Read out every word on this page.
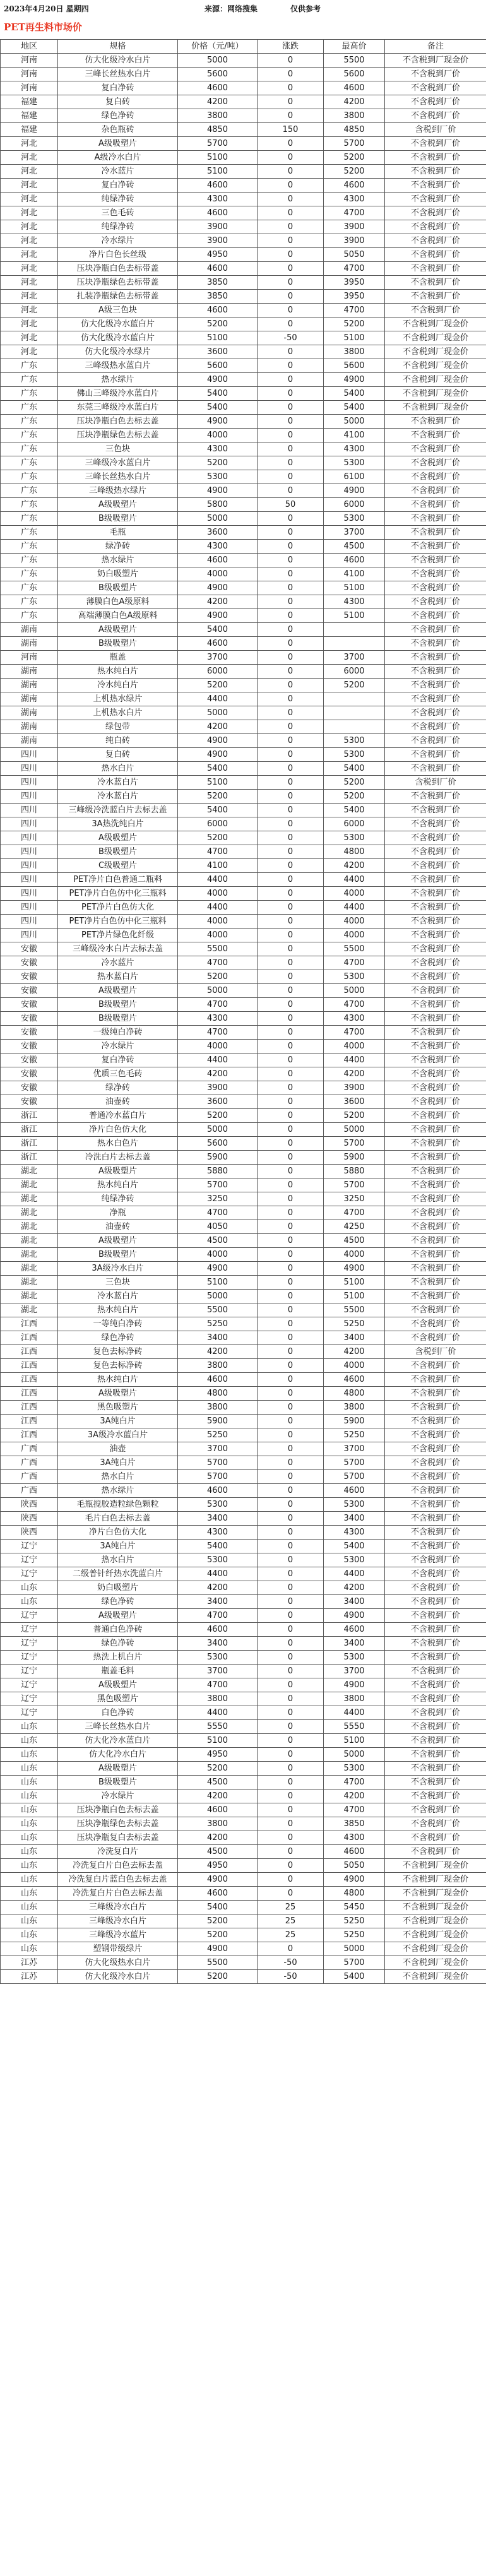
2023年4月20日 星期四	来源：网络搜集	仅供参考
PET再生料市场价
地区	规格	价格（元/吨）	涨跌	最高价	备注
河南	仿大化级冷水白片	5000	0	5500	不含税到厂现金价
河南	三峰长丝热水白片	5600	0	5600	不含税到厂价
河南	复白净砖	4600	0	4600	不含税到厂价
福建	复白砖	4200	0	4200	不含税到厂价
福建	绿色净砖	3800	0	3800	不含税到厂价
福建	杂色瓶砖	4850	150	4850	含税到厂价
河北	A级吸塑片	5700	0	5700	不含税到厂价
河北	A级冷水白片	5100	0	5200	不含税到厂价
河北	冷水蓝片	5100	0	5200	不含税到厂价
河北	复白净砖	4600	0	4600	不含税到厂价
河北	纯绿净砖	4300	0	4300	不含税到厂价
河北	三色毛砖	4600	0	4700	不含税到厂价
河北	纯绿净砖	3900	0	3900	不含税到厂价
河北	冷水绿片	3900	0	3900	不含税到厂价
河北	净片白色长丝级	4950	0	5050	不含税到厂价
河北	压块净瓶白色去标带盖	4600	0	4700	不含税到厂价
河北	压块净瓶绿色去标带盖	3850	0	3950	不含税到厂价
河北	扎装净瓶绿色去标带盖	3850	0	3950	不含税到厂价
河北	A级三色块	4600	0	4700	不含税到厂价
河北	仿大化级冷水蓝白片	5200	0	5200	不含税到厂现金价
河北	仿大化级冷水蓝白片	5100	-50	5100	不含税到厂现金价
河北	仿大化级冷水绿片	3600	0	3800	不含税到厂现金价
广东	三峰级热水蓝白片	5600	0	5600	不含税到厂现金价
广东	热水绿片	4900	0	4900	不含税到厂现金价
广东	佛山三峰级冷水蓝白片	5400	0	5400	不含税到厂现金价
广东	东莞三峰级冷水蓝白片	5400	0	5400	不含税到厂现金价
广东	压块净瓶白色去标去盖	4900	0	5000	不含税到厂价
广东	压块净瓶绿色去标去盖	4000	0	4100	不含税到厂价
广东	三色块	4300	0	4300	不含税到厂价
广东	三峰级冷水蓝白片	5200	0	5300	不含税到厂价
广东	三峰长丝热水白片	5300	0	6100	不含税到厂价
广东	三峰级热水绿片	4900	0	4900	不含税到厂价
广东	A级吸塑片	5800	50	6000	不含税到厂价
广东	B级吸塑片	5000	0	5300	不含税到厂价
广东	毛瓶	3600	0	3700	不含税到厂价
广东	绿净砖	4300	0	4500	不含税到厂价
广东	热水绿片	4600	0	4600	不含税到厂价
广东	奶白吸塑片	4000	0	4100	不含税到厂价
广东	B级吸塑片	4900	0	5100	不含税到厂价
广东	薄膜白色A级原料	4200	0	4300	不含税到厂价
广东	高端薄膜白色A级原料	4900	0	5100	不含税到厂价
湖南	A级吸塑片	5400	0		不含税到厂价
湖南	B级吸塑片	4600	0		不含税到厂价
河南	瓶盖	3700	0	3700	不含税到厂价
湖南	热水纯白片	6000	0	6000	不含税到厂价
湖南	冷水纯白片	5200	0	5200	不含税到厂价
湖南	上机热水绿片	4400	0		不含税到厂价
湖南	上机热水白片	5000	0		不含税到厂价
湖南	绿包带	4200	0		不含税到厂价
湖南	纯白砖	4900	0	5300	不含税到厂价
四川	复白砖	4900	0	5300	不含税到厂价
四川	热水白片	5400	0	5400	不含税到厂价
四川	冷水蓝白片	5100	0	5200	含税到厂价
四川	冷水蓝白片	5200	0	5200	不含税到厂价
四川	三峰级冷洗蓝白片去标去盖	5400	0	5400	不含税到厂价
四川	3A热洗纯白片	6000	0	6000	不含税到厂价
四川	A级吸塑片	5200	0	5300	不含税到厂价
四川	B级吸塑片	4700	0	4800	不含税到厂价
四川	C级吸塑片	4100	0	4200	不含税到厂价
四川	PET净片白色普通二瓶料	4400	0	4400	不含税到厂价
四川	PET净片白色仿中化三瓶料	4000	0	4000	不含税到厂价
四川	PET净片白色仿大化	4400	0	4400	不含税到厂价
四川	PET净片白色仿中化三瓶料	4000	0	4000	不含税到厂价
四川	PET净片绿色化纤级	4000	0	4000	不含税到厂价
安徽	三峰级冷水白片去标去盖	5500	0	5500	不含税到厂价
安徽	冷水蓝片	4700	0	4700	不含税到厂价
安徽	热水蓝白片	5200	0	5300	不含税到厂价
安徽	A级吸塑片	5000	0	5000	不含税到厂价
安徽	B级吸塑片	4700	0	4700	不含税到厂价
安徽	B级吸塑片	4300	0	4300	不含税到厂价
安徽	一级纯白净砖	4700	0	4700	不含税到厂价
安徽	冷水绿片	4000	0	4000	不含税到厂价
安徽	复白净砖	4400	0	4400	不含税到厂价
安徽	优质三色毛砖	4200	0	4200	不含税到厂价
安徽	绿净砖	3900	0	3900	不含税到厂价
安徽	油壶砖	3600	0	3600	不含税到厂价
浙江	普通冷水蓝白片	5200	0	5200	不含税到厂价
浙江	净片白色仿大化	5000	0	5000	不含税到厂价
浙江	热水白色片	5600	0	5700	不含税到厂价
浙江	冷洗白片去标去盖	5900	0	5900	不含税到厂价
湖北	A级吸塑片	5880	0	5880	不含税到厂价
湖北	热水纯白片	5700	0	5700	不含税到厂价
湖北	纯绿净砖	3250	0	3250	不含税到厂价
湖北	净瓶	4700	0	4700	不含税到厂价
湖北	油壶砖	4050	0	4250	不含税到厂价
湖北	A级吸塑片	4500	0	4500	不含税到厂价
湖北	B级吸塑片	4000	0	4000	不含税到厂价
湖北	3A级冷水白片	4900	0	4900	不含税到厂价
湖北	三色块	5100	0	5100	不含税到厂价
湖北	冷水蓝白片	5000	0	5100	不含税到厂价
湖北	热水纯白片	5500	0	5500	不含税到厂价
江西	一等纯白净砖	5250	0	5250	不含税到厂价
江西	绿色净砖	3400	0	3400	不含税到厂价
江西	复色去标净砖	4200	0	4200	含税到厂价
江西	复色去标净砖	3800	0	4000	不含税到厂价
江西	热水纯白片	4600	0	4600	不含税到厂价
江西	A级吸塑片	4800	0	4800	不含税到厂价
江西	黑色吸塑片	3800	0	3800	不含税到厂价
江西	3A纯白片	5900	0	5900	不含税到厂价
江西	3A级冷水蓝白片	5250	0	5250	不含税到厂价
广西	油壶	3700	0	3700	不含税到厂价
广西	3A纯白片	5700	0	5700	不含税到厂价
广西	热水白片	5700	0	5700	不含税到厂价
广西	热水绿片	4600	0	4600	不含税到厂价
陕西	毛瓶搅胶造粒绿色颗粒	5300	0	5300	不含税到厂价
陕西	毛片白色去标去盖	3400	0	3400	不含税到厂价
陕西	净片白色仿大化	4300	0	4300	不含税到厂价
辽宁	3A纯白片	5400	0	5400	不含税到厂价
辽宁	热水白片	5300	0	5300	不含税到厂价
辽宁	二级普针纤热水洗蓝白片	4400	0	4400	不含税到厂价
山东	奶白吸塑片	4200	0	4200	不含税到厂价
山东	绿色净砖	3400	0	3400	不含税到厂价
辽宁	A级吸塑片	4700	0	4900	不含税到厂价
辽宁	普通白色净砖	4600	0	4600	不含税到厂价
辽宁	绿色净砖	3400	0	3400	不含税到厂价
辽宁	热洗上机白片	5300	0	5300	不含税到厂价
辽宁	瓶盖毛料	3700	0	3700	不含税到厂价
辽宁	A级吸塑片	4700	0	4900	不含税到厂价
辽宁	黑色吸塑片	3800	0	3800	不含税到厂价
辽宁	白色净砖	4400	0	4400	不含税到厂价
山东	三峰长丝热水白片	5550	0	5550	不含税到厂价
山东	仿大化冷水蓝白片	5100	0	5100	不含税到厂价
山东	仿大化冷水白片	4950	0	5000	不含税到厂价
山东	A级吸塑片	5200	0	5300	不含税到厂价
山东	B级吸塑片	4500	0	4700	不含税到厂价
山东	冷水绿片	4200	0	4200	不含税到厂价
山东	压块净瓶白色去标去盖	4600	0	4700	不含税到厂价
山东	压块净瓶绿色去标去盖	3800	0	3850	不含税到厂价
山东	压块净瓶复白去标去盖	4200	0	4300	不含税到厂价
山东	冷洗复白片	4500	0	4600	不含税到厂价
山东	冷洗复白片白色去标去盖	4950	0	5050	不含税到厂现金价
山东	冷洗复白片蓝白色去标去盖	4900	0	4900	不含税到厂现金价
山东	冷洗复白片白色去标去盖	4600	0	4800	不含税到厂现金价
山东	三峰级冷水白片	5400	25	5450	不含税到厂现金价
山东	三峰级冷水白片	5200	25	5250	不含税到厂现金价
山东	三峰级冷水蓝片	5200	25	5250	不含税到厂现金价
山东	塑钢带级绿片	4900	0	5000	不含税到厂现金价
江苏	仿大化级热水白片	5500	-50	5700	不含税到厂现金价
江苏	仿大化级冷水白片	5200	-50	5400	不含税到厂现金价
